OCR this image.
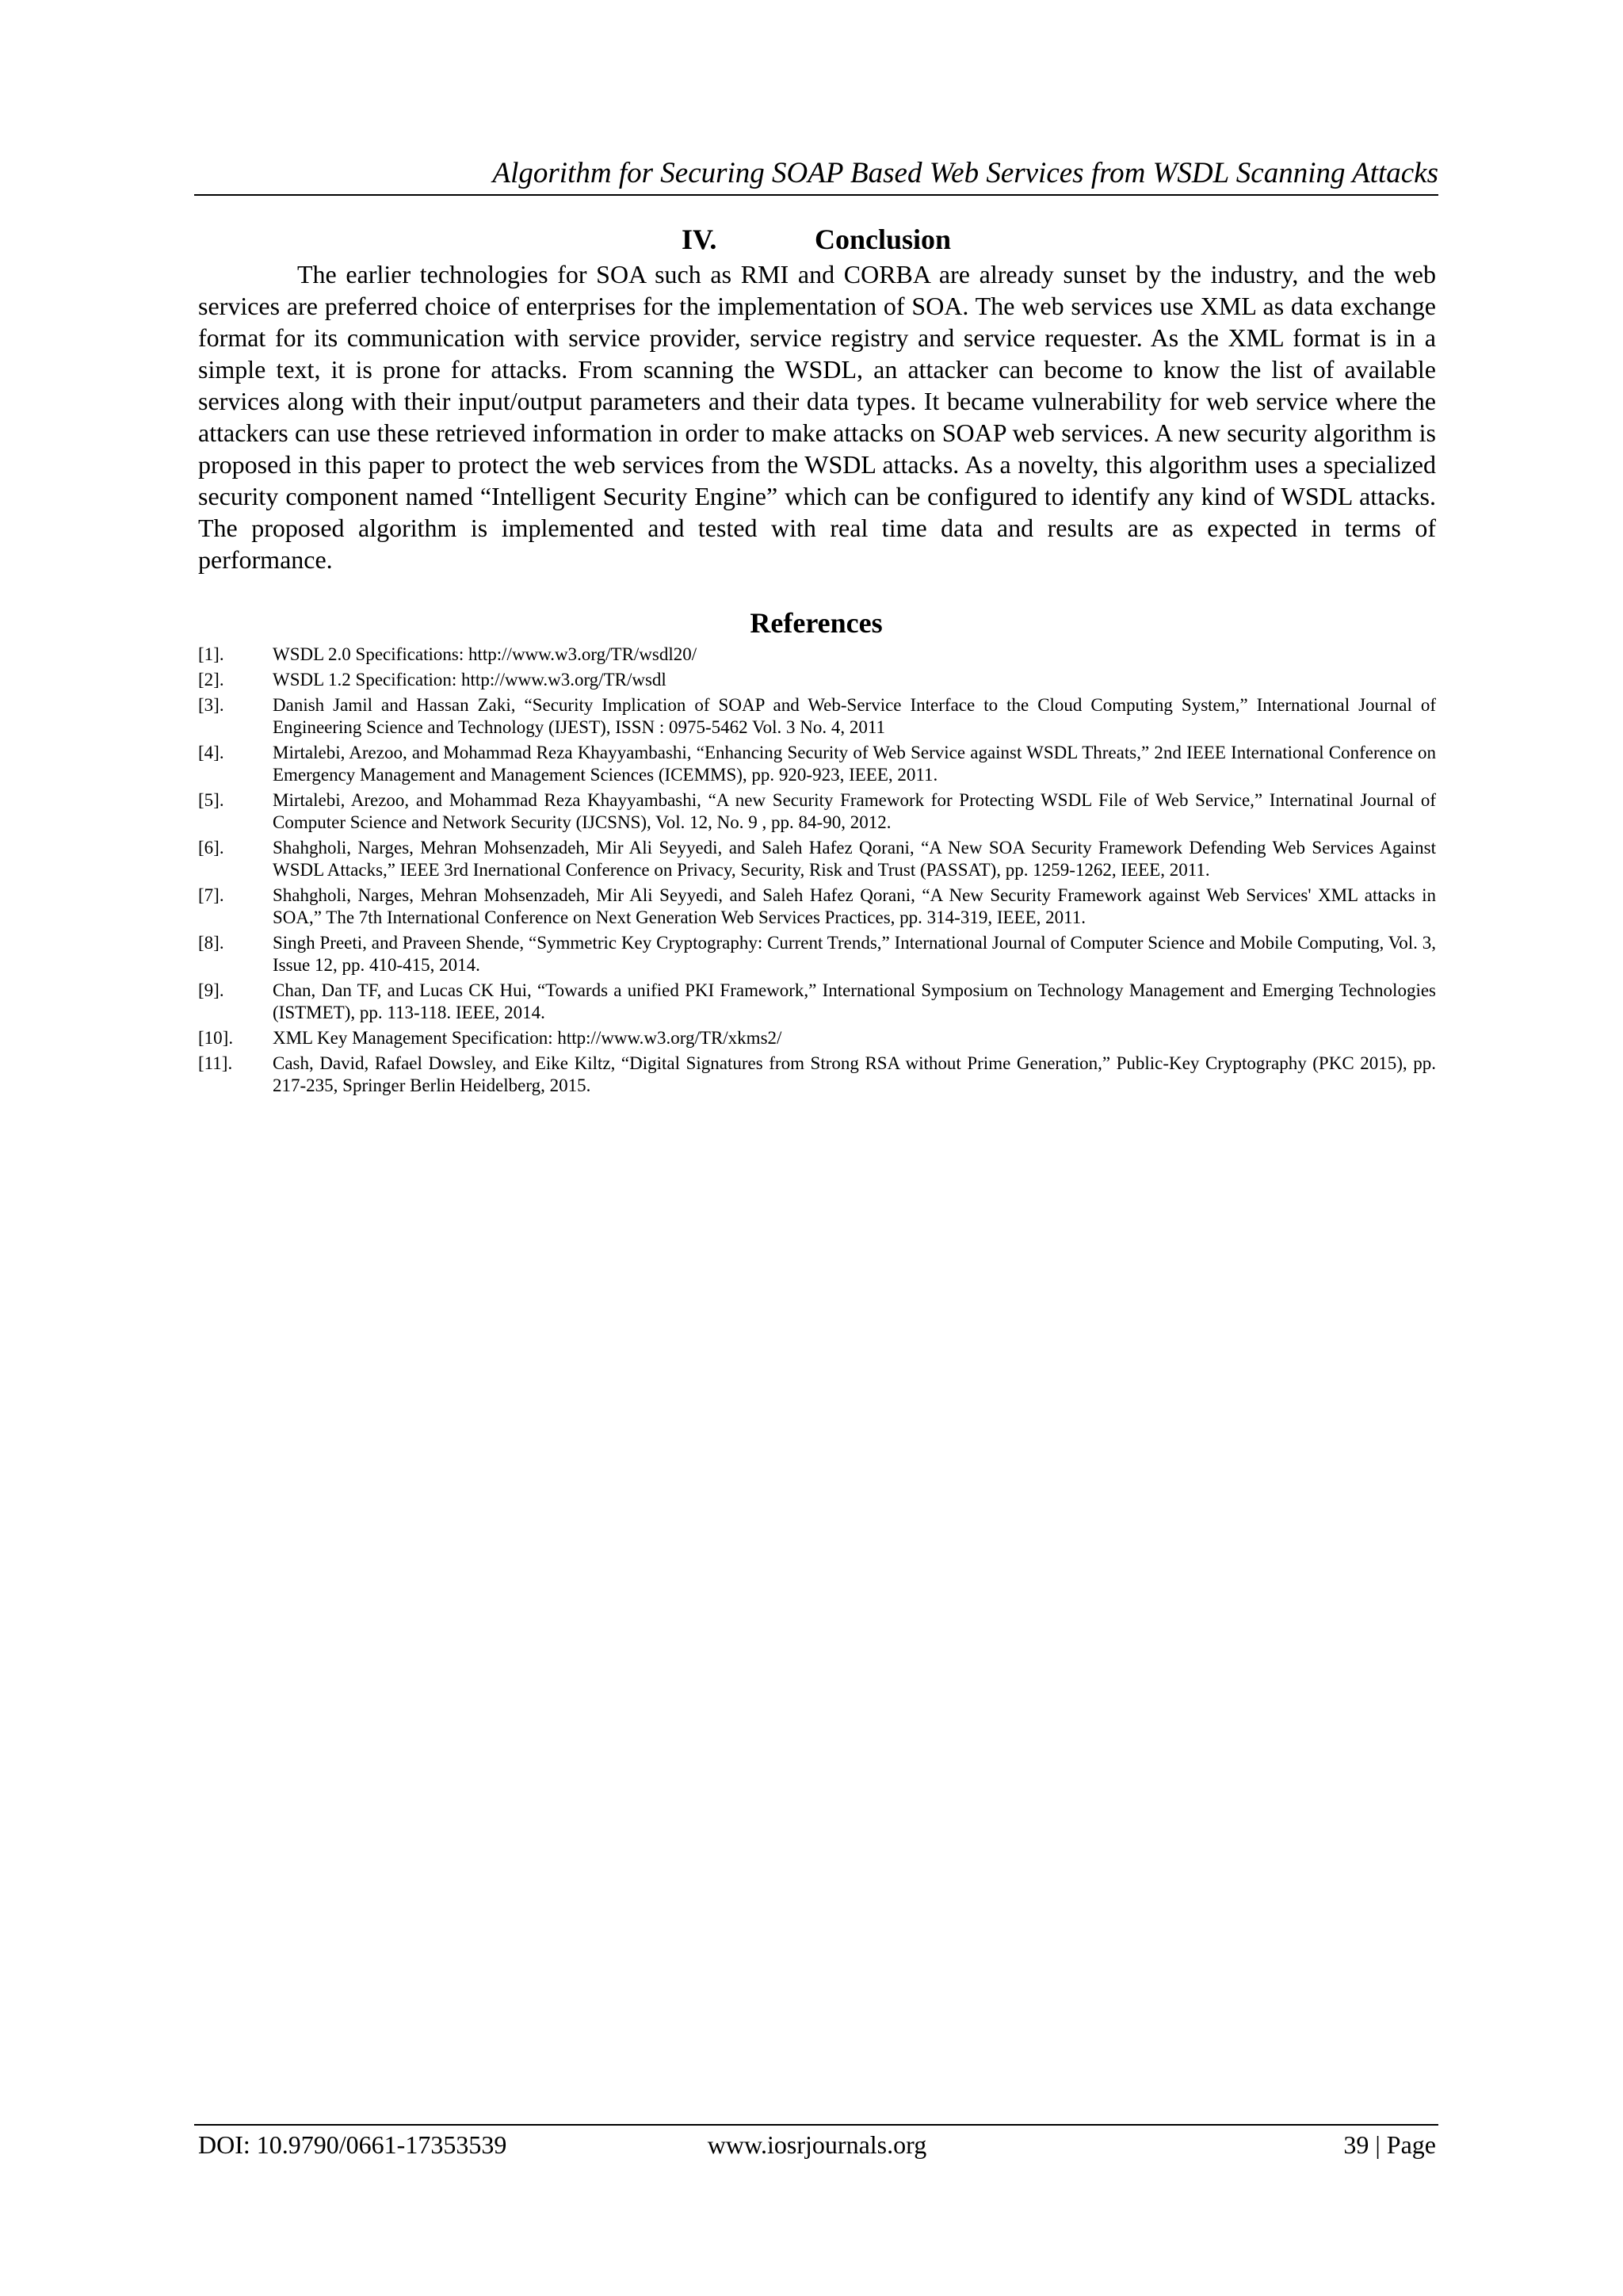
Algorithm for Securing SOAP Based Web Services from WSDL Scanning Attacks
IV.	Conclusion

The earlier technologies for SOA such as RMI and CORBA are already sunset by the industry, and the web services are preferred choice of enterprises for the implementation of SOA. The web services use XML as data exchange format for its communication with service provider, service registry and service requester. As the XML format is in a simple text, it is prone for attacks. From scanning the WSDL, an attacker can become to know the list of available services along with their input/output parameters and their data types. It became vulnerability for web service where the attackers can use these retrieved information in order to make attacks on SOAP web services. A new security algorithm is proposed in this paper to protect the web services from the WSDL attacks. As a novelty, this algorithm uses a specialized security component named “Intelligent Security Engine” which can be configured to identify any kind of WSDL attacks. The proposed algorithm is implemented and tested with real time data and results are as expected in terms of performance.

References
[1].	WSDL 2.0 Specifications: http://www.w3.org/TR/wsdl20/
[2].	WSDL 1.2 Specification: http://www.w3.org/TR/wsdl
[3].	Danish Jamil and Hassan Zaki, “Security Implication of SOAP and Web-Service Interface to the Cloud Computing System,” International Journal of Engineering Science and Technology (IJEST), ISSN : 0975-5462 Vol. 3 No. 4, 2011
[4].	Mirtalebi, Arezoo, and Mohammad Reza Khayyambashi, “Enhancing Security of Web Service against WSDL Threats,” 2nd IEEE International Conference on Emergency Management and Management Sciences (ICEMMS), pp. 920-923, IEEE, 2011.
[5].	Mirtalebi, Arezoo, and Mohammad Reza Khayyambashi, “A new Security Framework for Protecting WSDL File of Web Service,” Internatinal Journal of Computer Science and Network Security (IJCSNS), Vol. 12, No. 9 , pp. 84-90, 2012.
[6].	Shahgholi, Narges, Mehran Mohsenzadeh, Mir Ali Seyyedi, and Saleh Hafez Qorani, “A New SOA Security Framework Defending Web Services Against WSDL Attacks,” IEEE 3rd Inernational Conference on Privacy, Security, Risk and Trust (PASSAT), pp. 1259-1262, IEEE, 2011.
[7].	Shahgholi, Narges, Mehran Mohsenzadeh, Mir Ali Seyyedi, and Saleh Hafez Qorani, “A New Security Framework against Web Services' XML attacks in SOA,” The 7th International Conference on Next Generation Web Services Practices, pp. 314-319, IEEE, 2011.
[8].	Singh Preeti, and Praveen Shende, “Symmetric Key Cryptography: Current Trends,” International Journal of Computer Science and Mobile Computing, Vol. 3, Issue 12, pp. 410-415, 2014.
[9].	Chan, Dan TF, and Lucas CK Hui, “Towards a unified PKI Framework,” International Symposium on Technology Management and Emerging Technologies (ISTMET), pp. 113-118. IEEE, 2014.
[10].	XML Key Management Specification: http://www.w3.org/TR/xkms2/
[11].	Cash, David, Rafael Dowsley, and Eike Kiltz, “Digital Signatures from Strong RSA without Prime Generation,” Public-Key Cryptography (PKC 2015), pp. 217-235, Springer Berlin Heidelberg, 2015.
DOI: 10.9790/0661-17353539	www.iosrjournals.org	39 | Page
